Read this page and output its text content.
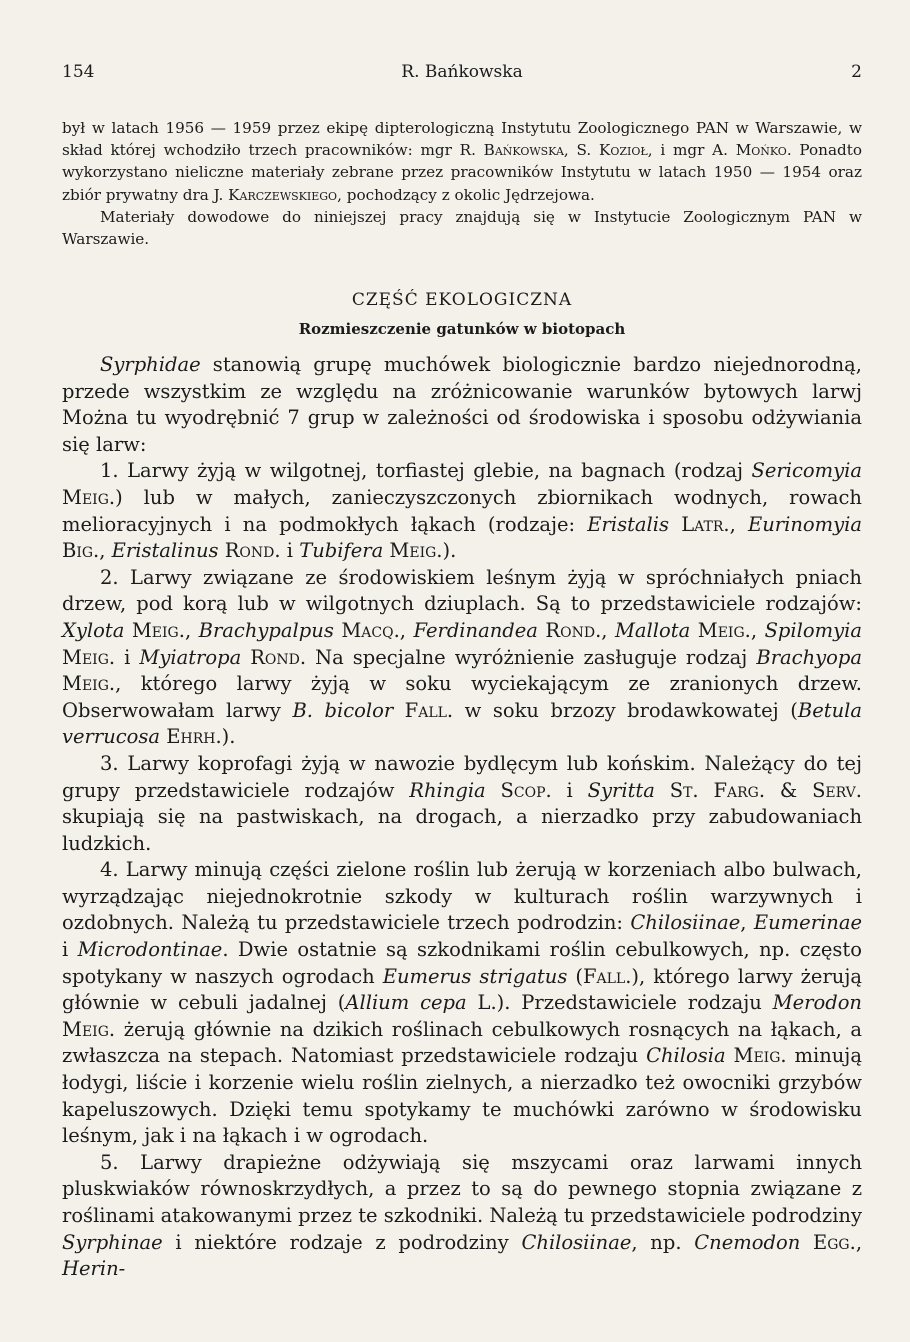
154	R. Bańkowska	2

był w latach 1956 — 1959 przez ekipę dipterologiczną Instytutu Zoologicznego PAN w Warszawie, w skład której wchodziło trzech pracowników: mgr R. Bańkowska, S. Kozioł, i mgr A. Mońko. Ponadto wykorzystano nieliczne materiały zebrane przez pracowników Instytutu w latach 1950 — 1954 oraz zbiór prywatny dra J. Karczewskiego, pochodzący z okolic Jędrzejowa.

Materiały dowodowe do niniejszej pracy znajdują się w Instytucie Zoologicznym PAN w Warszawie.

CZĘŚĆ EKOLOGICZNA
Rozmieszczenie gatunków w biotopach

Syrphidae stanowią grupę muchówek biologicznie bardzo niejednorodną, przede wszystkim ze względu na zróżnicowanie warunków bytowych larwj Można tu wyodrębnić 7 grup w zależności od środowiska i sposobu odżywiania się larw:

1. Larwy żyją w wilgotnej, torfiastej glebie, na bagnach (rodzaj Sericomyia Meig.) lub w małych, zanieczyszczonych zbiornikach wodnych, rowach melioracyjnych i na podmokłych łąkach (rodzaje: Eristalis Latr., Eurinomyia Big., Eristalinus Rond. i Tubifera Meig.).

2. Larwy związane ze środowiskiem leśnym żyją w spróchniałych pniach drzew, pod korą lub w wilgotnych dziuplach. Są to przedstawiciele rodzajów: Xylota Meig., Brachypalpus Macq., Ferdinandea Rond., Mallota Meig., Spilomyia Meig. i Myiatropa Rond. Na specjalne wyróżnienie zasługuje rodzaj Brachyopa Meig., którego larwy żyją w soku wyciekającym ze zranionych drzew. Obserwowałam larwy B. bicolor Fall. w soku brzozy brodawkowatej (Betula verrucosa Ehrh.).

3. Larwy koprofagi żyją w nawozie bydlęcym lub końskim. Należący do tej grupy przedstawiciele rodzajów Rhingia Scop. i Syritta St. Farg. & Serv. skupiają się na pastwiskach, na drogach, a nierzadko przy zabudowaniach ludzkich.

4. Larwy minują części zielone roślin lub żerują w korzeniach albo bulwach, wyrządzając niejednokrotnie szkody w kulturach roślin warzywnych i ozdobnych. Należą tu przedstawiciele trzech podrodzin: Chilosiinae, Eumerinae i Microdontinae. Dwie ostatnie są szkodnikami roślin cebulkowych, np. często spotykany w naszych ogrodach Eumerus strigatus (Fall.), którego larwy żerują głównie w cebuli jadalnej (Allium cepa L.). Przedstawiciele rodzaju Merodon Meig. żerują głównie na dzikich roślinach cebulkowych rosnących na łąkach, a zwłaszcza na stepach. Natomiast przedstawiciele rodzaju Chilosia Meig. minują łodygi, liście i korzenie wielu roślin zielnych, a nierzadko też owocniki grzybów kapeluszowych. Dzięki temu spotykamy te muchówki zarówno w środowisku leśnym, jak i na łąkach i w ogrodach.

5. Larwy drapieżne odżywiają się mszycami oraz larwami innych pluskwiaków równoskrzydłych, a przez to są do pewnego stopnia związane z roślinami atakowanymi przez te szkodniki. Należą tu przedstawiciele podrodziny Syrphinae i niektóre rodzaje z podrodziny Chilosiinae, np. Cnemodon Egg., Herin-
